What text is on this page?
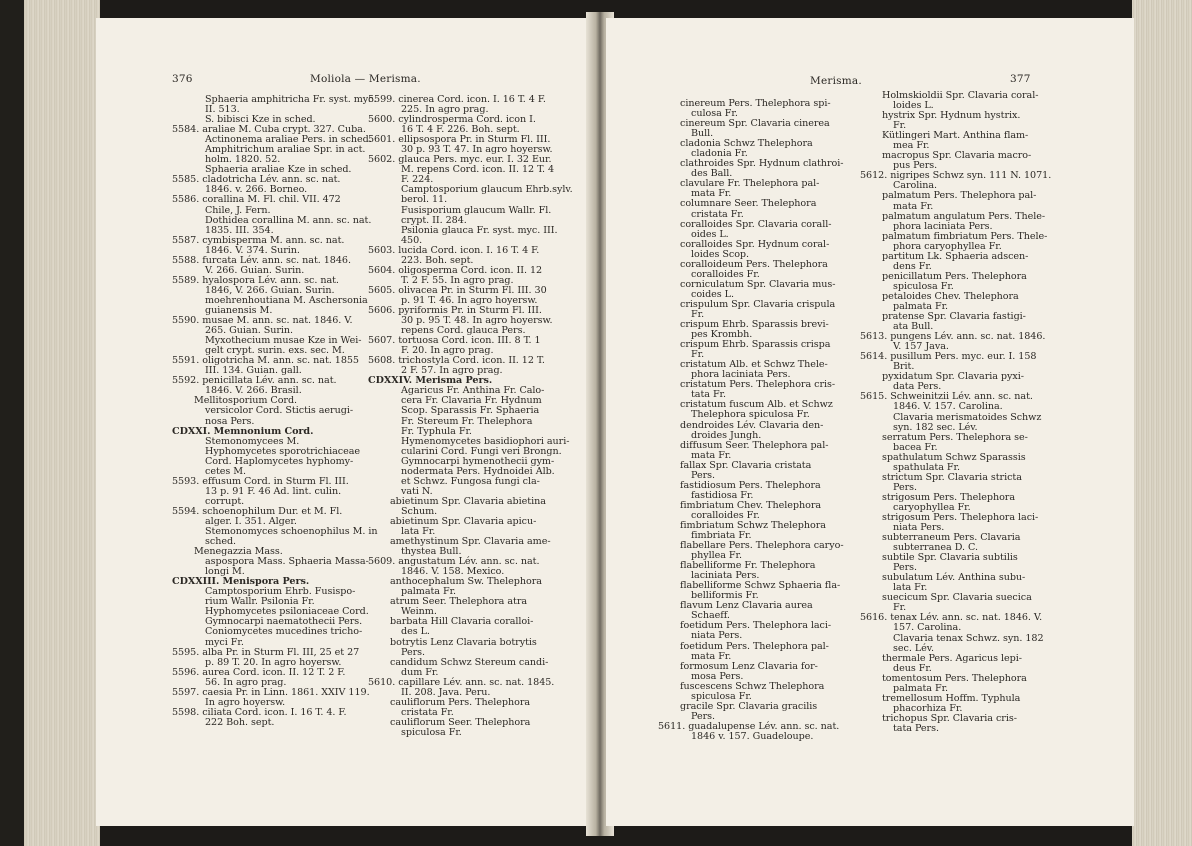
376	Moliola — Merisma.
Sphaeria amphitricha Fr. syst. myc.
II. 513.
S. bibisci Kze in sched.
5584. araliae M. Cuba crypt. 327. Cuba.
Actinonema araliae Pers. in sched.
Amphitrichum araliae Spr. in act.
holm. 1820. 52.
Sphaeria araliae Kze in sched.
5585. cladotricha Lév. ann. sc. nat.
1846. v. 266. Borneo.
5586. corallina M. Fl. chil. VII. 472
Chile, J. Fern.
Dothidea corallina M. ann. sc. nat.
1835. III. 354.
5587. cymbisperma M. ann. sc. nat.
1846. V. 374. Surin.
5588. furcata Lév. ann. sc. nat. 1846.
V. 266. Guian. Surin.
5589. hyalospora Lév. ann. sc. nat.
1846, V. 266. Guian. Surin.
moehrenhoutiana M. Aschersonia
guianensis M.
5590. musae M. ann. sc. nat. 1846. V.
265. Guian. Surin.
Myxothecium musae Kze in Wei-
gelt crypt. surin. exs. sec. M.
5591. oligotricha M. ann. sc. nat. 1855
III. 134. Guian. gall.
5592. penicillata Lév. ann. sc. nat.
1846. V. 266. Brasil.
Mellitosporium Cord.
versicolor Cord. Stictis aerugi-
nosa Pers.
CDXXI. Memnonium Cord.
Stemonomycees M.
Hyphomycetes sporotrichiaceae
Cord. Haplomycetes hyphomy-
cetes M.
5593. effusum Cord. in Sturm Fl. III.
13 p. 91 F. 46 Ad. lint. culin.
corrupt.
5594. schoenophilum Dur. et M. Fl.
alger. I. 351. Alger.
Stemonomyces schoenophilus M. in
sched.
Menegazzia Mass.
aspospora Mass. Sphaeria Massa-
longi M.
CDXXIII. Menispora Pers.
Camptosporium Ehrb. Fusispo-
rium Wallr. Psilonia Fr.
Hyphomycetes psiloniaceae Cord.
Gymnocarpi naematothecii Pers.
Coniomycetes mucedines tricho-
myci Fr.
5595. alba Pr. in Sturm Fl. III, 25 et 27
p. 89 T. 20. In agro hoyersw.
5596. aurea Cord. icon. II. 12 T. 2 F.
56. In agro prag.
5597. caesia Pr. in Linn. 1861. XXIV 119.
In agro hoyersw.
5598. ciliata Cord. icon. I. 16 T. 4. F.
222 Boh. sept.
5599. cinerea Cord. icon. I. 16 T. 4 F.
225. In agro prag.
5600. cylindrosperma Cord. icon I.
16 T. 4 F. 226. Boh. sept.
5601. ellipsospora Pr. in Sturm Fl. III.
30 p. 93 T. 47. In agro hoyersw.
5602. glauca Pers. myc. eur. I. 32 Eur.
M. repens Cord. icon. II. 12 T. 4
F. 224.
Camptosporium glaucum Ehrb.sylv.
berol. 11.
Fusisporium glaucum Wallr. Fl.
crypt. II. 284.
Psilonia glauca Fr. syst. myc. III.
450.
5603. lucida Cord. icon. I. 16 T. 4 F.
223. Boh. sept.
5604. oligosperma Cord. icon. II. 12
T. 2 F. 55. In agro prag.
5605. olivacea Pr. in Sturm Fl. III. 30
p. 91 T. 46. In agro hoyersw.
5606. pyriformis Pr. in Sturm Fl. III.
30 p. 95 T. 48. In agro hoyersw.
repens Cord. glauca Pers.
5607. tortuosa Cord. icon. III. 8 T. 1
F. 20. In agro prag.
5608. trichostyla Cord. icon. II. 12 T.
2 F. 57. In agro prag.
CDXXIV. Merisma Pers.
Agaricus Fr. Anthina Fr. Calo-
cera Fr. Clavaria Fr. Hydnum
Scop. Sparassis Fr. Sphaeria
Fr. Stereum Fr. Thelephora
Fr. Typhula Fr.
Hymenomycetes basidiophori auri-
cularini Cord. Fungi veri Brongn.
Gymnocarpi hymenothecii gym-
nodermata Pers. Hydnoidei Alb.
et Schwz. Fungosa fungi cla-
vati N.
abietinum Spr. Clavaria abietina
Schum.
abietinum Spr. Clavaria apicu-
lata Fr.
amethystinum Spr. Clavaria ame-
thystea Bull.
5609. angustatum Lév. ann. sc. nat.
1846. V. 158. Mexico.
anthocephalum Sw. Thelephora
palmata Fr.
atrum Seer. Thelephora atra
Weinm.
barbata Hill Clavaria coralloi-
des L.
botrytis Lenz Clavaria botrytis
Pers.
candidum Schwz Stereum candi-
dum Fr.
5610. capillare Lév. ann. sc. nat. 1845.
II. 208. Java. Peru.
cauliflorum Pers. Thelephora
cristata Fr.
cauliflorum Seer. Thelephora
spiculosa Fr.
Merisma.	377
cinereum Pers. Thelephora spi-
culosa Fr.
cinereum Spr. Clavaria cinerea
Bull.
cladonia Schwz Thelephora
cladonia Fr.
clathroides Spr. Hydnum clathroi-
des Ball.
clavulare Fr. Thelephora pal-
mata Fr.
columnare Seer. Thelephora
cristata Fr.
coralloides Spr. Clavaria corall-
oides L.
coralloides Spr. Hydnum coral-
loides Scop.
coralloideum Pers. Thelephora
coralloides Fr.
corniculatum Spr. Clavaria mus-
coides L.
crispulum Spr. Clavaria crispula
Fr.
crispum Ehrb. Sparassis brevi-
pes Krombh.
crispum Ehrb. Sparassis crispa
Fr.
cristatum Alb. et Schwz Thele-
phora laciniata Pers.
cristatum Pers. Thelephora cris-
tata Fr.
cristatum fuscum Alb. et Schwz
Thelephora spiculosa Fr.
dendroides Lév. Clavaria den-
droides Jungh.
diffusum Seer. Thelephora pal-
mata Fr.
fallax Spr. Clavaria cristata
Pers.
fastidiosum Pers. Thelephora
fastidiosa Fr.
fimbriatum Chev. Thelephora
coralloides Fr.
fimbriatum Schwz Thelephora
fimbriata Fr.
flabellare Pers. Thelephora caryo-
phyllea Fr.
flabelliforme Fr. Thelephora
laciniata Pers.
flabelliforme Schwz Sphaeria fla-
belliformis Fr.
flavum Lenz Clavaria aurea
Schaeff.
foetidum Pers. Thelephora laci-
niata Pers.
foetidum Pers. Thelephora pal-
mata Fr.
formosum Lenz Clavaria for-
mosa Pers.
fuscescens Schwz Thelephora
spiculosa Fr.
gracile Spr. Clavaria gracilis
Pers.
5611. guadalupense Lév. ann. sc. nat.
1846 v. 157. Guadeloupe.
Holmskioldii Spr. Clavaria coral-
loides L.
hystrix Spr. Hydnum hystrix.
Fr.
Kütlingeri Mart. Anthina flam-
mea Fr.
macropus Spr. Clavaria macro-
pus Pers.
5612. nigripes Schwz syn. 111 N. 1071.
Carolina.
palmatum Pers. Thelephora pal-
mata Fr.
palmatum angulatum Pers. Thele-
phora laciniata Pers.
palmatum fimbriatum Pers. Thele-
phora caryophyllea Fr.
partitum Lk. Sphaeria adscen-
dens Fr.
penicillatum Pers. Thelephora
spiculosa Fr.
petaloides Chev. Thelephora
palmata Fr.
pratense Spr. Clavaria fastigi-
ata Bull.
5613. pungens Lév. ann. sc. nat. 1846.
V. 157 Java.
5614. pusillum Pers. myc. eur. I. 158
Brit.
pyxidatum Spr. Clavaria pyxi-
data Pers.
5615. Schweinitzii Lév. ann. sc. nat.
1846. V. 157. Carolina.
Clavaria merismatoides Schwz
syn. 182 sec. Lév.
serratum Pers. Thelephora se-
bacea Fr.
spathulatum Schwz Sparassis
spathulata Fr.
strictum Spr. Clavaria stricta
Pers.
strigosum Pers. Thelephora
caryophyllea Fr.
strigosum Pers. Thelephora laci-
niata Pers.
subterraneum Pers. Clavaria
subterranea D. C.
subtile Spr. Clavaria subtilis
Pers.
subulatum Lév. Anthina subu-
lata Fr.
suecicum Spr. Clavaria suecica
Fr.
5616. tenax Lév. ann. sc. nat. 1846. V.
157. Carolina.
Clavaria tenax Schwz. syn. 182
sec. Lév.
thermale Pers. Agaricus lepi-
deus Fr.
tomentosum Pers. Thelephora
palmata Fr.
tremellosum Hoffm. Typhula
phacorhiza Fr.
trichopus Spr. Clavaria cris-
tata Pers.
